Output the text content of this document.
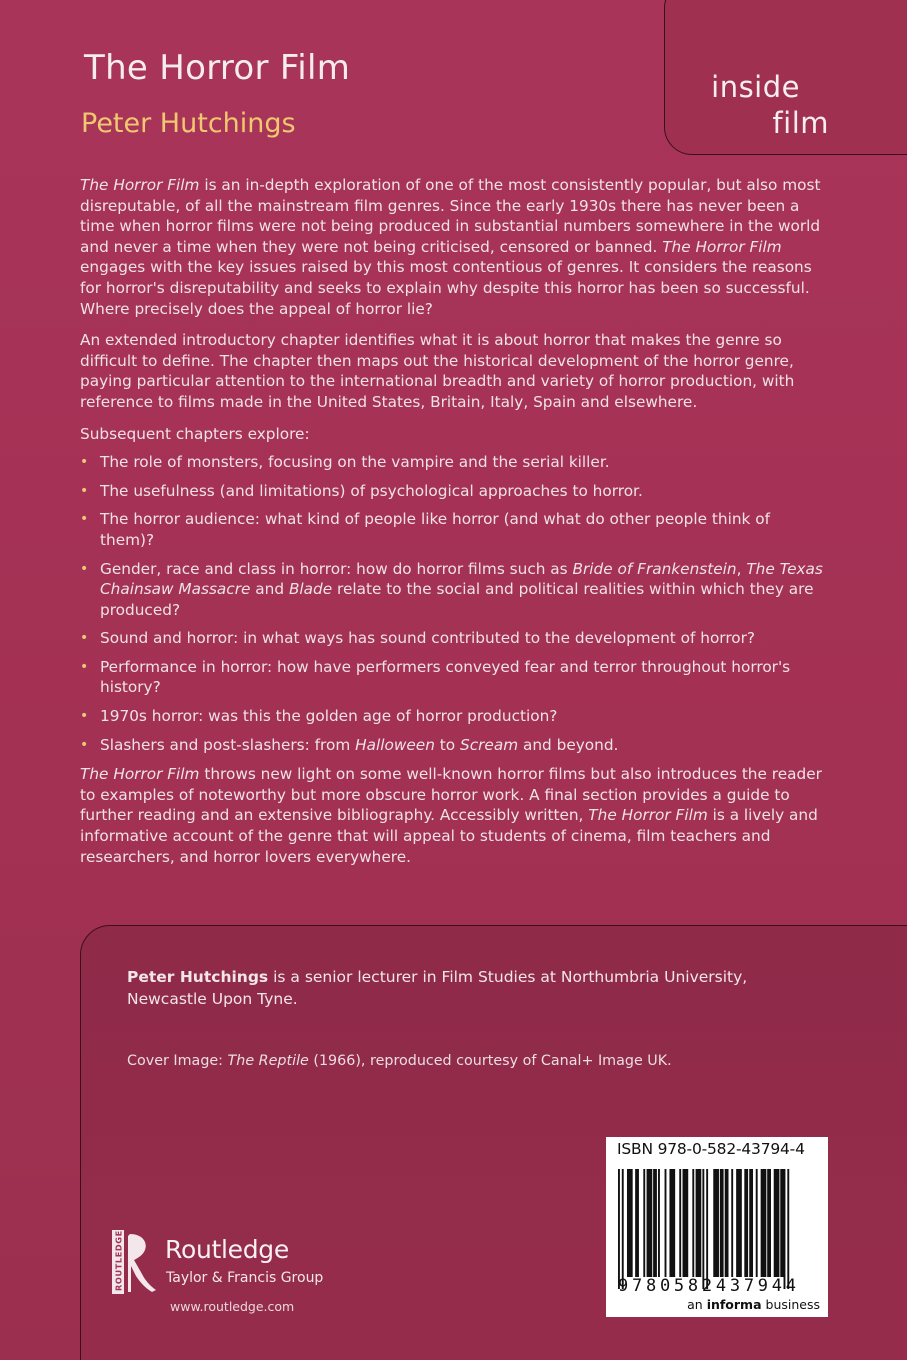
inside
film
The Horror Film
Peter Hutchings

The Horror Film is an in-depth exploration of one of the most consistently popular, but also most disreputable, of all the mainstream film genres. Since the early 1930s there has never been a time when horror films were not being produced in substantial numbers somewhere in the world and never a time when they were not being criticised, censored or banned. The Horror Film engages with the key issues raised by this most contentious of genres. It considers the reasons for horror's disreputability and seeks to explain why despite this horror has been so successful. Where precisely does the appeal of horror lie?

An extended introductory chapter identifies what it is about horror that makes the genre so difficult to define. The chapter then maps out the historical development of the horror genre, paying particular attention to the international breadth and variety of horror production, with reference to films made in the United States, Britain, Italy, Spain and elsewhere.

Subsequent chapters explore:

• The role of monsters, focusing on the vampire and the serial killer.
• The usefulness (and limitations) of psychological approaches to horror.
• The horror audience: what kind of people like horror (and what do other people think of them)?
• Gender, race and class in horror: how do horror films such as Bride of Frankenstein, The Texas Chainsaw Massacre and Blade relate to the social and political realities within which they are produced?
• Sound and horror: in what ways has sound contributed to the development of horror?
• Performance in horror: how have performers conveyed fear and terror throughout horror's history?
• 1970s horror: was this the golden age of horror production?
• Slashers and post-slashers: from Halloween to Scream and beyond.

The Horror Film throws new light on some well-known horror films but also introduces the reader to examples of noteworthy but more obscure horror work. A final section provides a guide to further reading and an extensive bibliography. Accessibly written, The Horror Film is a lively and informative account of the genre that will appeal to students of cinema, film teachers and researchers, and horror lovers everywhere.

Peter Hutchings is a senior lecturer in Film Studies at Northumbria University, Newcastle Upon Tyne.
Cover Image: The Reptile (1966), reproduced courtesy of Canal+ Image UK.
ROUTLEDGE Routledge
Taylor & Francis Group
www.routledge.com
ISBN 978-0-582-43794-4
9780582437944
an informa business
